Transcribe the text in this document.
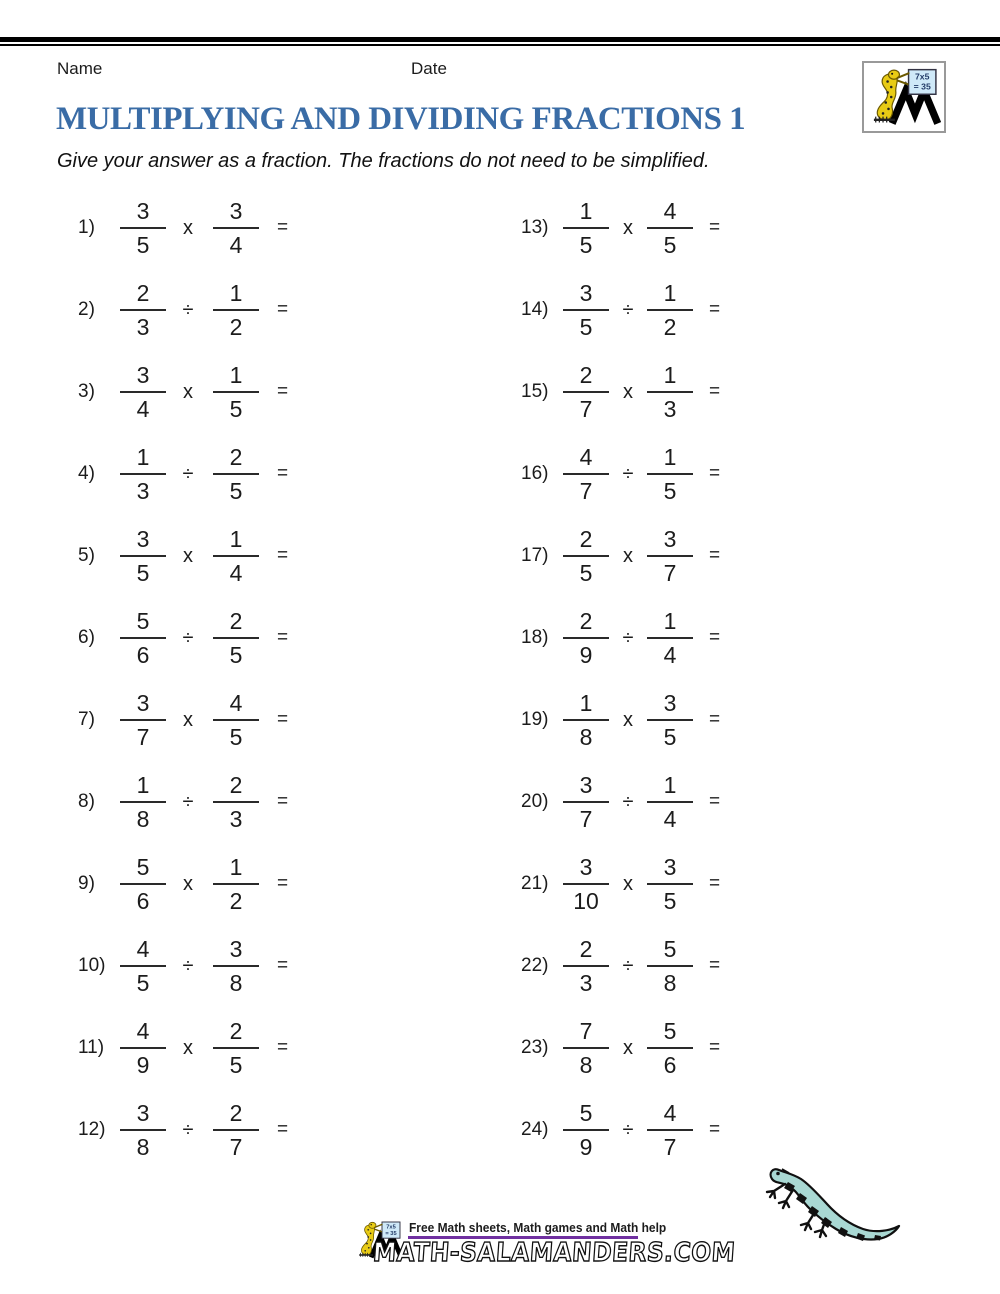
Name	Date
MULTIPLYING AND DIVIDING FRACTIONS 1
Give your answer as a fraction. The fractions do not need to be simplified.
1)	$\frac{3}{5}$ x $\frac{3}{4}$ =
2)	$\frac{2}{3} \div \frac{1}{2}$ =
3)	$\frac{3}{4}$ x $\frac{1}{5}$ =
4)	$\frac{1}{3} \div \frac{2}{5}$ =
5)	$\frac{3}{5}$ x $\frac{1}{4}$ =
6)	$\frac{5}{6} \div \frac{2}{5}$ =
7)	$\frac{3}{7}$ x $\frac{4}{5}$ =
8)	$\frac{1}{8} \div \frac{2}{3}$ =
9)	$\frac{5}{6}$ x $\frac{1}{2}$ =
$10) \frac{4}{5} \div \frac{3}{8}$ =
$11) \frac{4}{9}$ x $\frac{2}{5}$ =
$12) \frac{3}{8} \div \frac{2}{7}$ =
$13) \frac{1}{5}$ x $\frac{4}{5}$ =
$14) \frac{3}{5} \div \frac{1}{2}$ =
$15) \frac{2}{7}$ x $\frac{1}{3}$ =
$16) \frac{4}{7} \div \frac{1}{5}$ =
$17) \frac{2}{5}$ x $\frac{3}{7}$ =
$18) \frac{2}{9} \div \frac{1}{4}$ =
$19) \frac{1}{8}$ x $\frac{3}{5}$ =
$20) \frac{3}{7} \div \frac{1}{4}$ =
$21) \frac{3}{10}$ x $\frac{3}{5}$ =
$22) \frac{2}{3} \div \frac{5}{8}$ =
$23) \frac{7}{8}$ x $\frac{5}{6}$ =
$24) \frac{5}{9} \div \frac{4}{7}$ =
Free Math sheets, Math games and Math help
MATH-SALAMANDERS.COM
